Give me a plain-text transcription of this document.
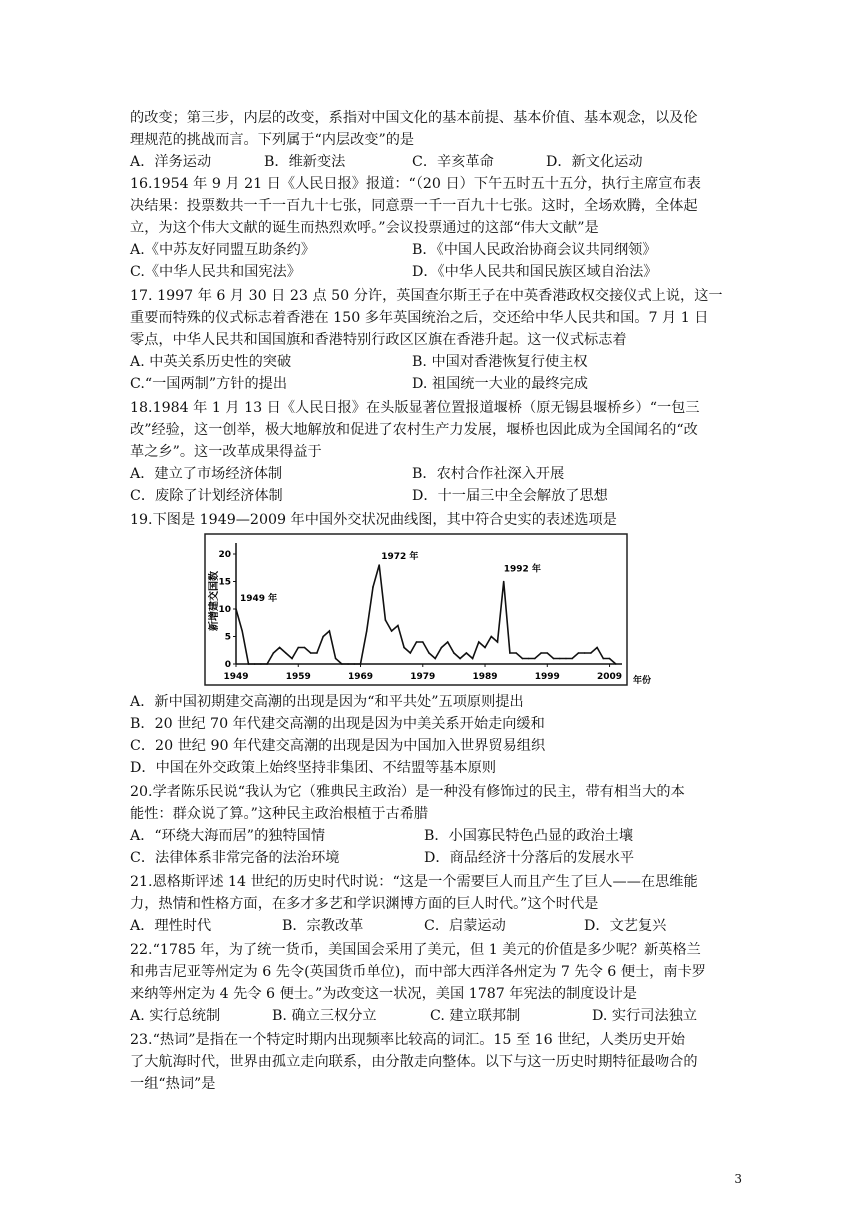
的改变；第三步，内层的改变，系指对中国文化的基本前提、基本价值、基本观念，以及伦
理规范的挑战而言。下列属于“内层改变”的是
A．洋务运动	B．维新变法	C．辛亥革命	D．新文化运动
16.1954 年 9 月 21 日《人民日报》报道：“（20 日）下午五时五十五分，执行主席宣布表
决结果：投票数共一千一百九十七张，同意票一千一百九十七张。这时，全场欢腾，全体起
立，为这个伟大文献的诞生而热烈欢呼。”会议投票通过的这部“伟大文献”是
A.《中苏友好同盟互助条约》	B．《中国人民政治协商会议共同纲领》
C.《中华人民共和国宪法》	D．《中华人民共和国民族区域自治法》
17. 1997 年 6 月 30 日 23 点 50 分许，英国查尔斯王子在中英香港政权交接仪式上说，这一
重要而特殊的仪式标志着香港在 150 多年英国统治之后，交还给中华人民共和国。7 月 1 日
零点，中华人民共和国国旗和香港特别行政区区旗在香港升起。这一仪式标志着
A. 中英关系历史性的突破	B. 中国对香港恢复行使主权
C.“一国两制”方针的提出	D. 祖国统一大业的最终完成
18.1984 年 1 月 13 日《人民日报》在头版显著位置报道堰桥（原无锡县堰桥乡）“一包三
改”经验，这一创举，极大地解放和促进了农村生产力发展，堰桥也因此成为全国闻名的“改
革之乡”。这一改革成果得益于
A．建立了市场经济体制	B．农村合作社深入开展
C．废除了计划经济体制	D．十一届三中全会解放了思想
19.下图是 1949—2009 年中国外交状况曲线图，其中符合史实的表述选项是
新增建交国数
年份
0
5
10
15
20
1949	1959	1969	1979	1989	1999	2009
1949 年
1972 年
1992 年
A．新中国初期建交高潮的出现是因为“和平共处”五项原则提出
B．20 世纪 70 年代建交高潮的出现是因为中美关系开始走向缓和
C．20 世纪 90 年代建交高潮的出现是因为中国加入世界贸易组织
D．中国在外交政策上始终坚持非集团、不结盟等基本原则
20.学者陈乐民说“我认为它（雅典民主政治）是一种没有修饰过的民主，带有相当大的本
能性：群众说了算。”这种民主政治根植于古希腊
A．“环绕大海而居”的独特国情	B．小国寡民特色凸显的政治土壤
C．法律体系非常完备的法治环境	D．商品经济十分落后的发展水平
21.恩格斯评述 14 世纪的历史时代时说：“这是一个需要巨人而且产生了巨人——在思维能
力，热情和性格方面，在多才多艺和学识渊博方面的巨人时代。”这个时代是
A．理性时代	B．宗教改革	C．启蒙运动	D．文艺复兴
22.“1785 年，为了统一货币，美国国会采用了美元，但 1 美元的价值是多少呢？新英格兰
和弗吉尼亚等州定为 6 先令(英国货币单位)，而中部大西洋各州定为 7 先令 6 便士，南卡罗
来纳等州定为 4 先令 6 便士。”为改变这一状况，美国 1787 年宪法的制度设计是
A. 实行总统制	B. 确立三权分立	C. 建立联邦制	D. 实行司法独立
23.“热词”是指在一个特定时期内出现频率比较高的词汇。15 至 16 世纪，人类历史开始
了大航海时代，世界由孤立走向联系，由分散走向整体。以下与这一历史时期特征最吻合的
一组“热词”是
3
